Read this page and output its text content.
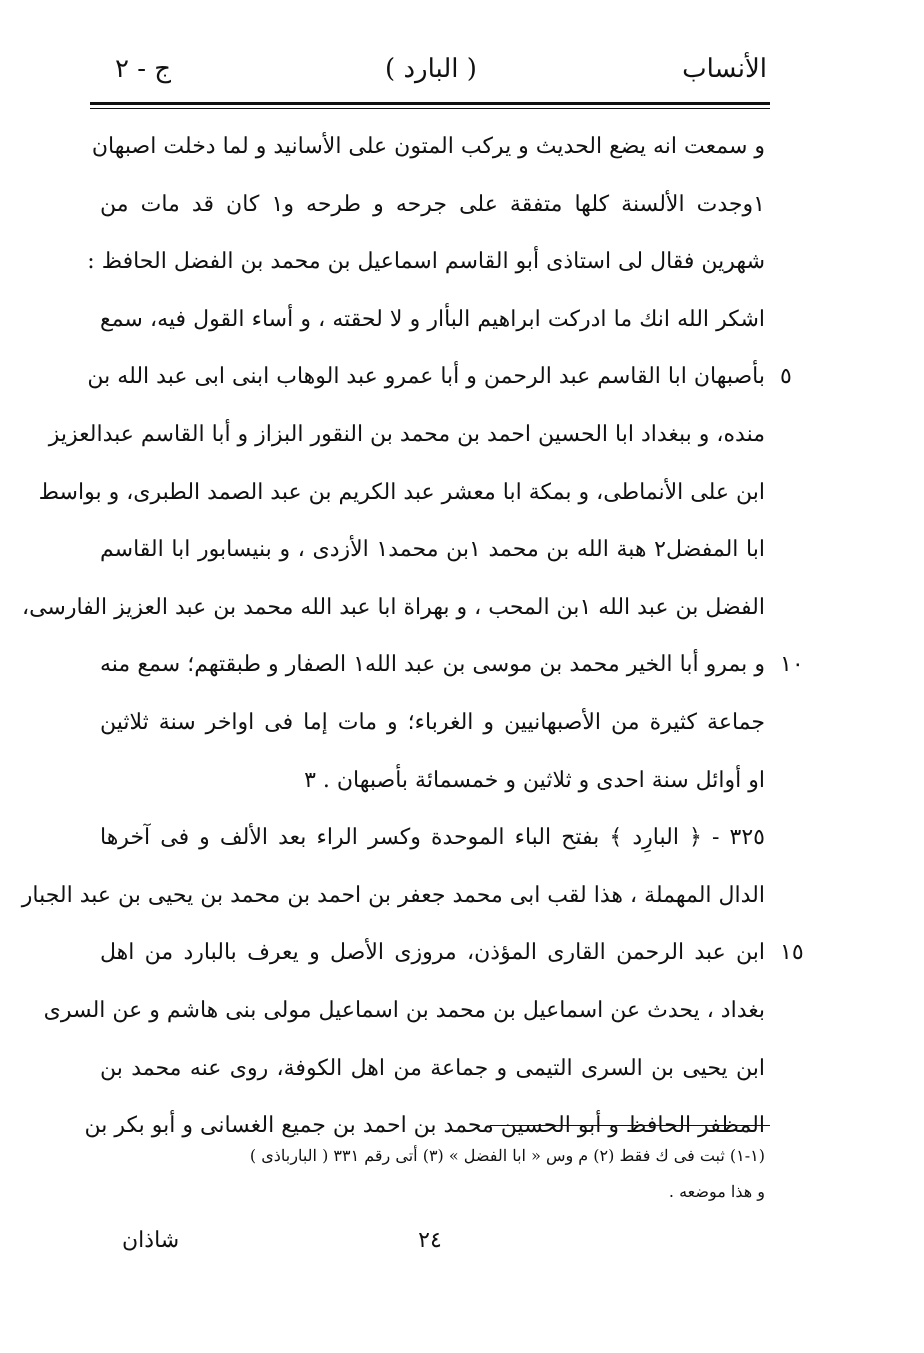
ج - ٢	( البارد )	الأنساب
و سمعت انه يضع الحديث و يركب المتون على الأسانيد و لما دخلت اصبهان
١وجدت الألسنة كلها متفقة على جرحه و طرحه و١ كان قد مات من
شهرين فقال لى استاذى أبو القاسم اسماعيل بن محمد بن الفضل الحافظ :
اشكر الله انك ما ادركت ابراهيم البأار و لا لحقته ، و أساء القول فيه، سمع
بأصبهان ابا القاسم عبد الرحمن و أبا عمرو عبد الوهاب ابنى ابى عبد الله بن
منده، و ببغداد ابا الحسين احمد بن محمد بن النقور البزاز و أبا القاسم عبدالعزيز
ابن على الأنماطى، و بمكة ابا معشر عبد الكريم بن عبد الصمد الطبرى، و بواسط
ابا المفضل٢ هبة الله بن محمد ١بن محمد١ الأزدى ، و بنيسابور ابا القاسم
الفضل بن عبد الله ١بن المحب ، و بهراة ابا عبد الله محمد بن عبد العزيز الفارسى،
و بمرو أبا الخير محمد بن موسى بن عبد الله١ الصفار و طبقتهم؛ سمع منه
جماعة كثيرة من الأصبهانيين و الغرباء؛ و مات إما فى اواخر سنة ثلاثين
او أوائل سنة احدى و ثلاثين و خمسمائة بأصبهان . ٣
٣٢٥ - ﴿ البارِد ﴾ بفتح الباء الموحدة وكسر الراء بعد الألف و فى آخرها
الدال المهملة ، هذا لقب ابى محمد جعفر بن احمد بن محمد بن يحيى بن عبد الجبار
ابن عبد الرحمن القارى المؤذن، مروزى الأصل و يعرف بالبارد من اهل
بغداد ، يحدث عن اسماعيل بن محمد بن اسماعيل مولى بنى هاشم و عن السرى
ابن يحيى بن السرى التيمى و جماعة من اهل الكوفة، روى عنه محمد بن
المظفر الحافظ و أبو الحسين محمد بن احمد بن جميع الغسانى و أبو بكر بن
٥
١٠
١٥
(١-١) ثبت فى ك فقط (٢) م وس « ابا الفضل » (٣) أتى رقم ٣٣١ ( البارباذى )
و هذا موضعه .
٢٤
شاذان
